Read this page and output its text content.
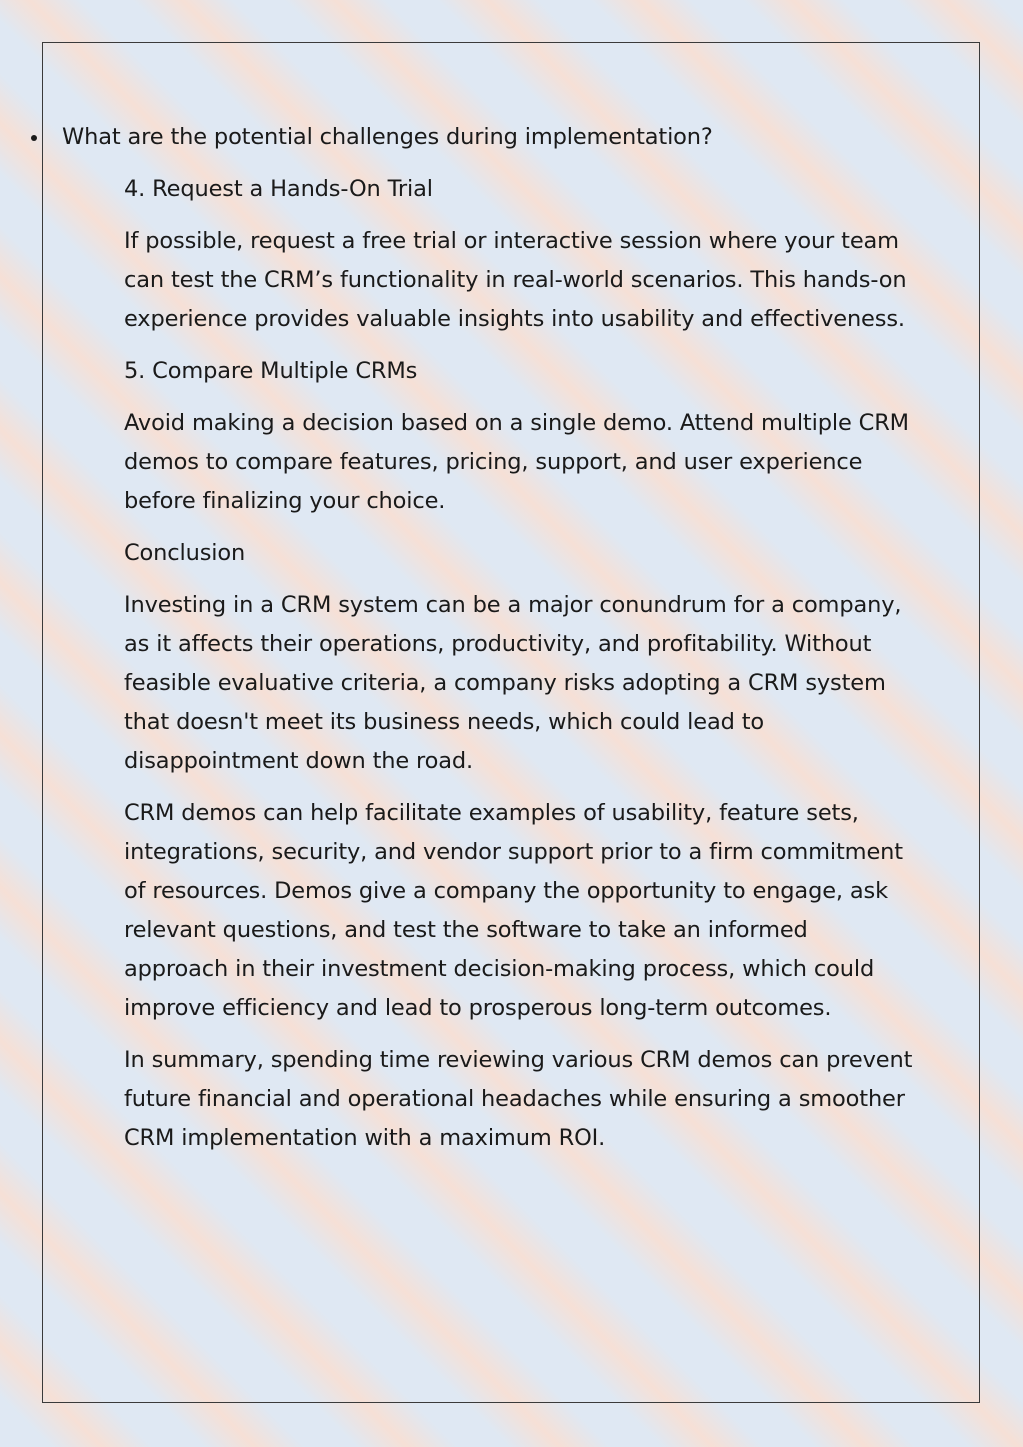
• What are the potential challenges during implementation?

4. Request a Hands-On Trial

If possible, request a free trial or interactive session where your team can test the CRM’s functionality in real-world scenarios. This hands-on experience provides valuable insights into usability and effectiveness.

5. Compare Multiple CRMs

Avoid making a decision based on a single demo. Attend multiple CRM demos to compare features, pricing, support, and user experience before finalizing your choice.

Conclusion

Investing in a CRM system can be a major conundrum for a company, as it affects their operations, productivity, and profitability. Without feasible evaluative criteria, a company risks adopting a CRM system that doesn't meet its business needs, which could lead to disappointment down the road.

CRM demos can help facilitate examples of usability, feature sets, integrations, security, and vendor support prior to a firm commitment of resources. Demos give a company the opportunity to engage, ask relevant questions, and test the software to take an informed approach in their investment decision-making process, which could improve efficiency and lead to prosperous long-term outcomes.

In summary, spending time reviewing various CRM demos can prevent future financial and operational headaches while ensuring a smoother CRM implementation with a maximum ROI.
